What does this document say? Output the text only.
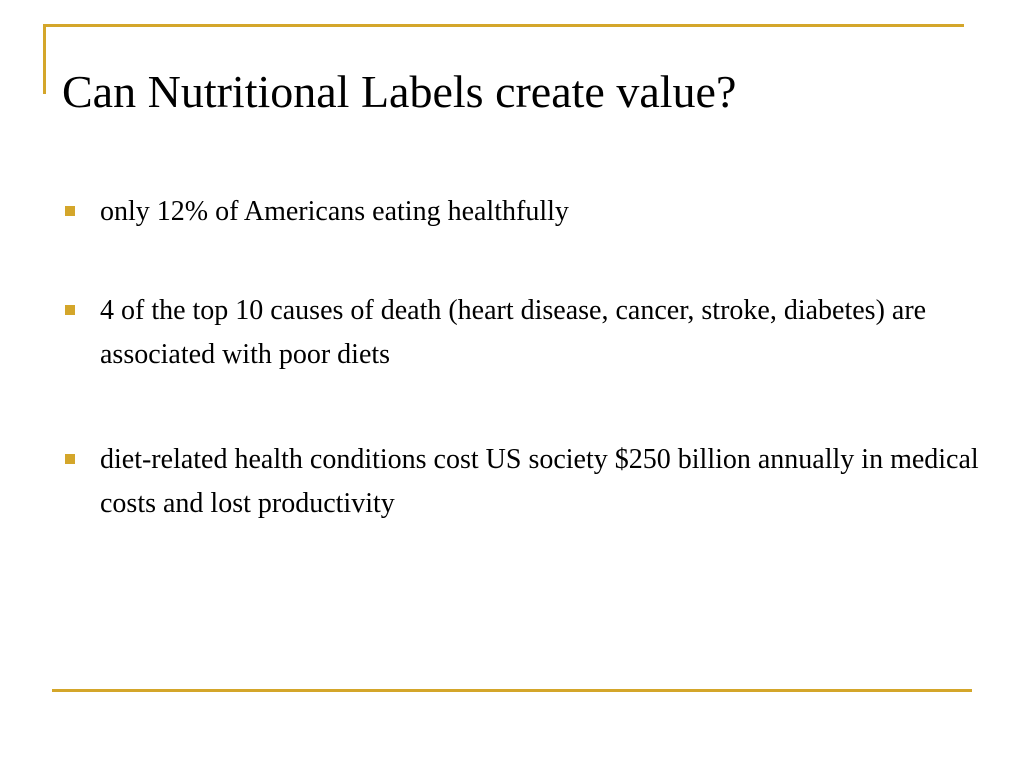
Can Nutritional Labels create value?
only 12% of Americans eating healthfully
4 of the top 10 causes of death (heart disease, cancer, stroke, diabetes) are associated with poor diets
diet-related health conditions cost US society $250 billion annually in medical costs and lost productivity
